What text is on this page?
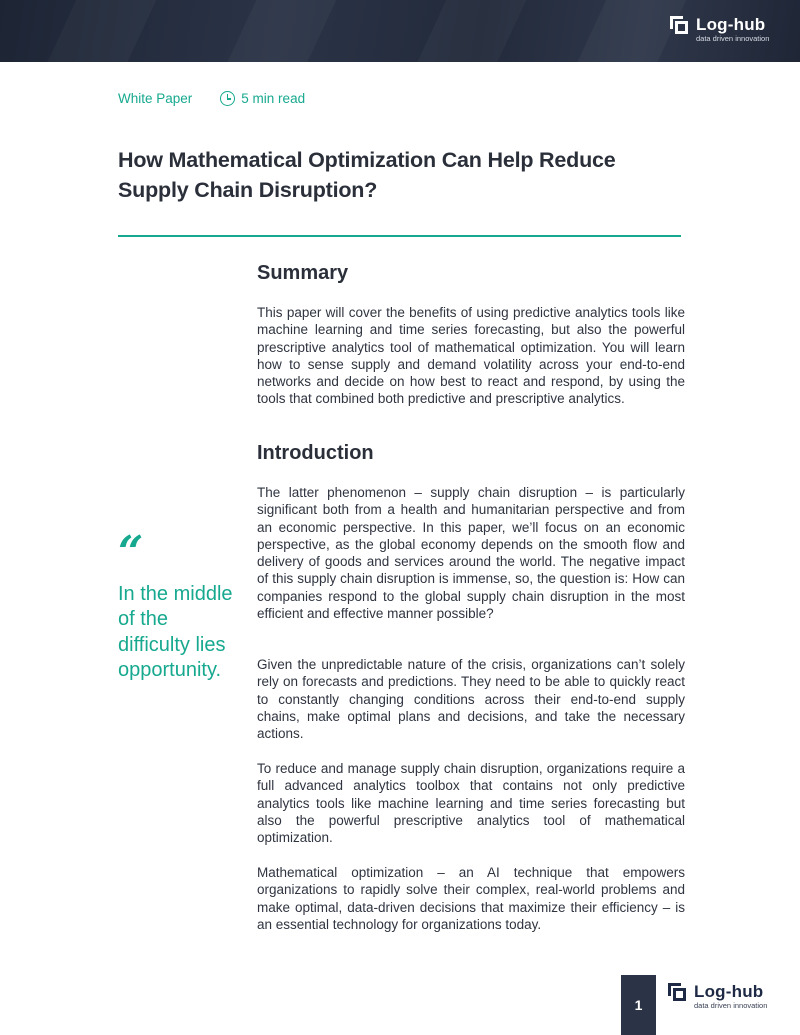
Log-hub
data driven innovation
White Paper	5 min read
How Mathematical Optimization Can Help Reduce Supply Chain Disruption?
Summary

This paper will cover the benefits of using predictive analytics tools like machine learning and time series forecasting, but also the powerful prescriptive analytics tool of mathematical optimization. You will learn how to sense supply and demand volatility across your end-to-end networks and decide on how best to react and respond, by using the tools that combined both predictive and prescriptive analytics.

Introduction

The latter phenomenon – supply chain disruption – is particularly significant both from a health and humanitarian perspective and from an economic perspective. In this paper, we’ll focus on an economic perspective, as the global economy depends on the smooth flow and delivery of goods and services around the world. The negative impact of this supply chain disruption is immense, so, the question is: How can companies respond to the global supply chain disruption in the most efficient and effective manner possible?

Given the unpredictable nature of the crisis, organizations can’t solely rely on forecasts and predictions. They need to be able to quickly react to constantly changing conditions across their end-to-end supply chains, make optimal plans and decisions, and take the necessary actions.

To reduce and manage supply chain disruption, organizations require a full advanced analytics toolbox that contains not only predictive analytics tools like machine learning and time series forecasting but also the powerful prescriptive analytics tool of mathematical optimization.

Mathematical optimization – an AI technique that empowers organizations to rapidly solve their complex, real-world problems and make optimal, data-driven decisions that maximize their efficiency – is an essential technology for organizations today.

“
In the middle of the difficulty lies opportunity.
1
Log-hub
data driven innovation
